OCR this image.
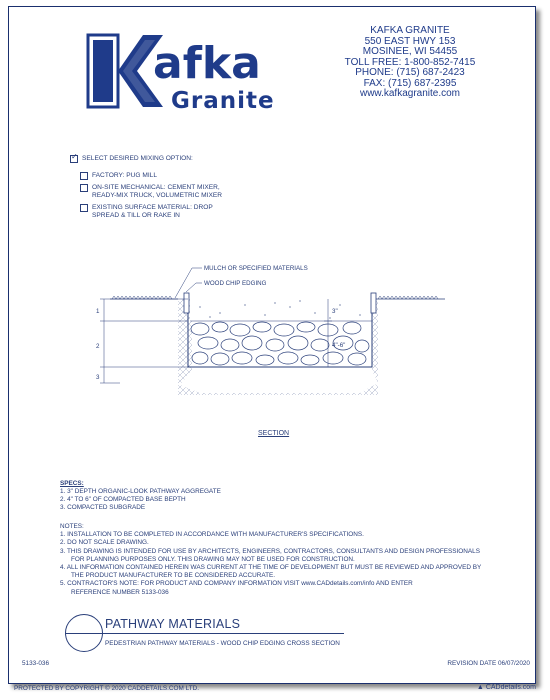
afka
Granite
KAFKA GRANITE
550 EAST HWY 153
MOSINEE, WI 54455
TOLL FREE: 1-800-852-7415
PHONE: (715) 687-2423
FAX: (715) 687-2395
www.kafkagranite.com
✓
SELECT DESIRED MIXING OPTION:
FACTORY: PUG MILL
ON-SITE MECHANICAL: CEMENT MIXER,
READY-MIX TRUCK, VOLUMETRIC MIXER
EXISTING SURFACE MATERIAL: DROP
SPREAD & TILL OR RAKE IN
MULCH OR SPECIFIED MATERIALS
WOOD CHIP EDGING
1
2
3
3"
4"-6"
SECTION
SPECS:
1. 3" DEPTH ORGANIC-LOOK PATHWAY AGGREGATE
2. 4" TO 6" OF COMPACTED BASE BEPTH
3. COMPACTED SUBGRADE
NOTES:
1. INSTALLATION TO BE COMPLETED IN ACCORDANCE WITH MANUFACTURER'S SPECIFICATIONS.
2. DO NOT SCALE DRAWING.
3. THIS DRAWING IS INTENDED FOR USE BY ARCHITECTS, ENGINEERS, CONTRACTORS, CONSULTANTS AND DESIGN PROFESSIONALS
FOR PLANNING PURPOSES ONLY. THIS DRAWING MAY NOT BE USED FOR CONSTRUCTION.
4. ALL INFORMATION CONTAINED HEREIN WAS CURRENT AT THE TIME OF DEVELOPMENT BUT MUST BE REVIEWED AND APPROVED BY
THE PRODUCT MANUFACTURER TO BE CONSIDERED ACCURATE.
5. CONTRACTOR'S NOTE: FOR PRODUCT AND COMPANY INFORMATION VISIT www.CADdetails.com/info AND ENTER
REFERENCE NUMBER 5133-036
PATHWAY MATERIALS
PEDESTRIAN PATHWAY MATERIALS - WOOD CHIP EDGING CROSS SECTION
5133-036	REVISION DATE 06/07/2020
PROTECTED BY COPYRIGHT © 2020 CADDETAILS.COM LTD.	▲ CADdetails.com
